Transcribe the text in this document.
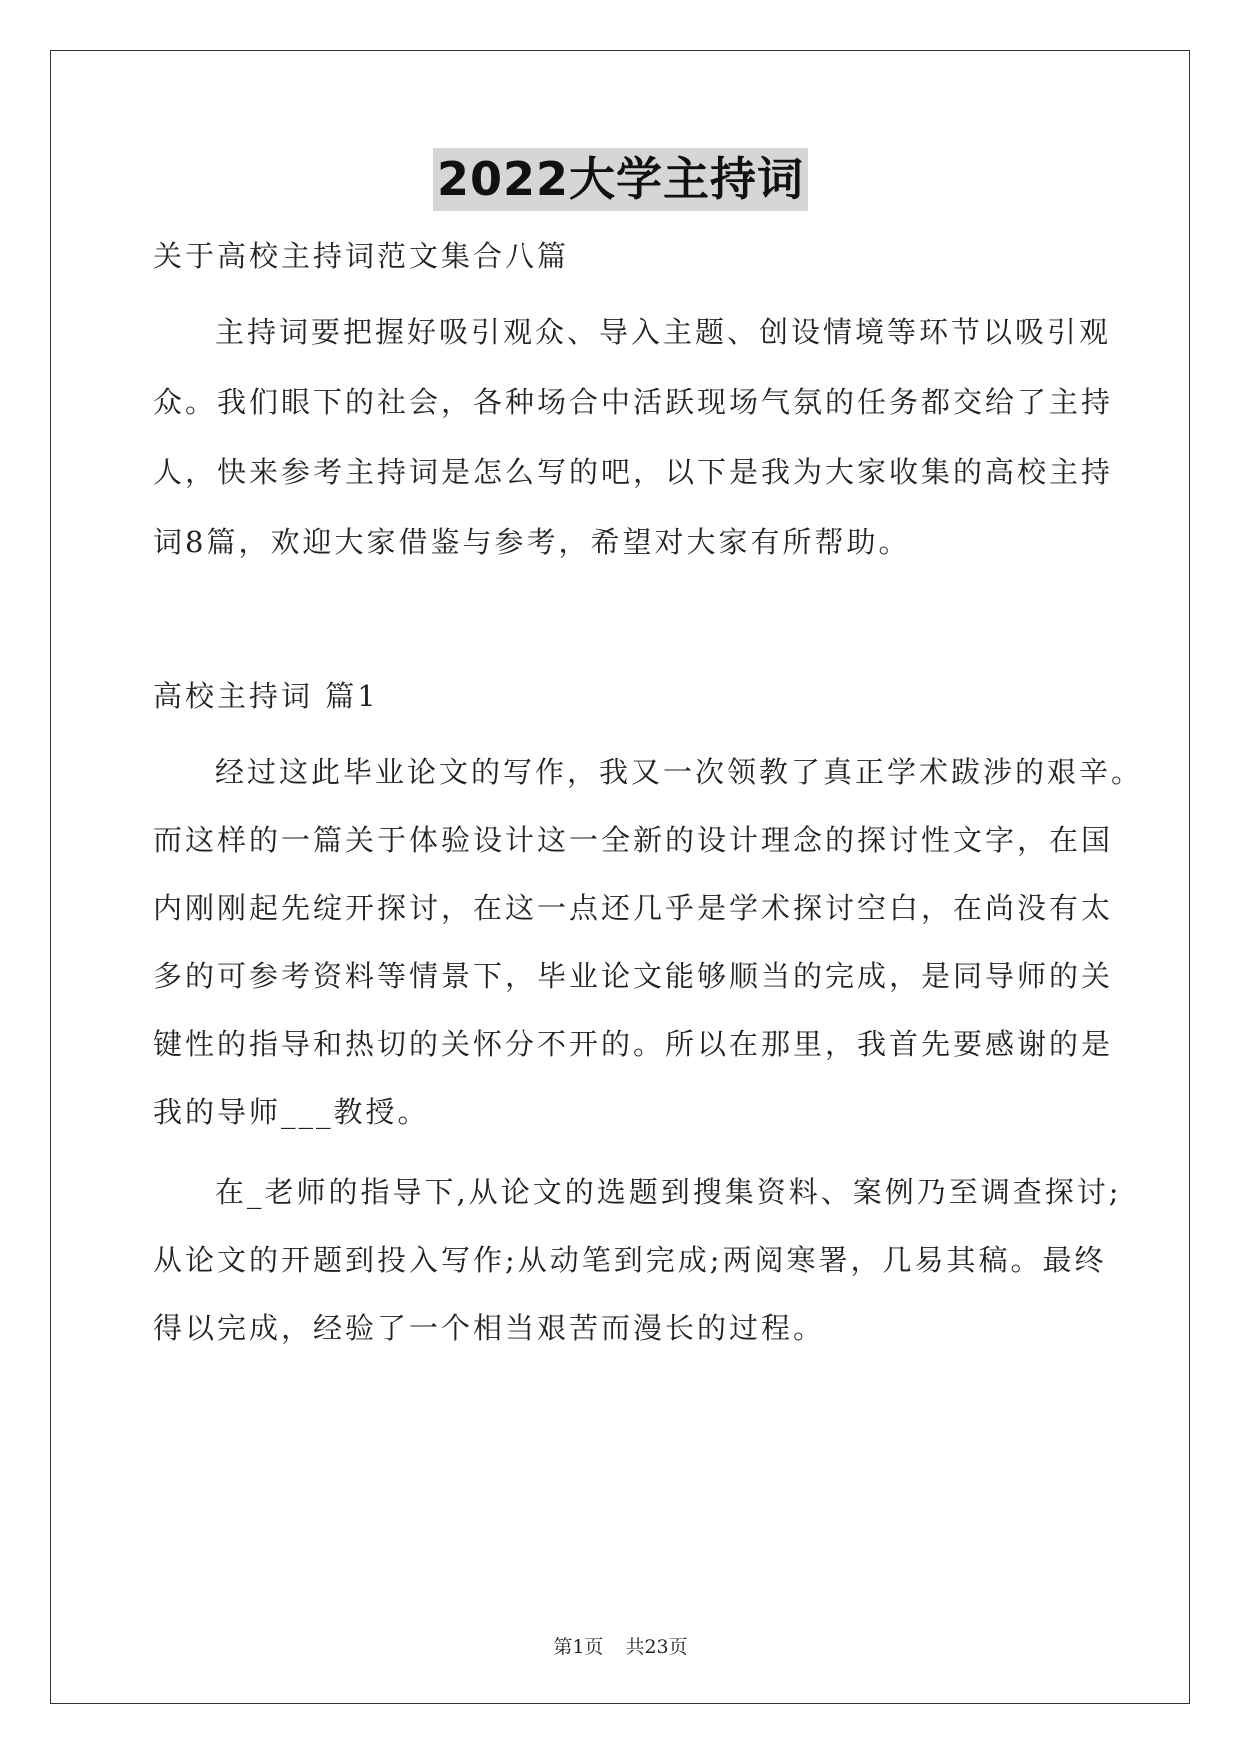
2022大学主持词
关于高校主持词范文集合八篇
主持词要把握好吸引观众、导入主题、创设情境等环节以吸引观
众。我们眼下的社会，各种场合中活跃现场气氛的任务都交给了主持
人，快来参考主持词是怎么写的吧，以下是我为大家收集的高校主持
词8篇，欢迎大家借鉴与参考，希望对大家有所帮助。
高校主持词 篇1
经过这此毕业论文的写作，我又一次领教了真正学术跋涉的艰辛。
而这样的一篇关于体验设计这一全新的设计理念的探讨性文字，在国
内刚刚起先绽开探讨，在这一点还几乎是学术探讨空白，在尚没有太
多的可参考资料等情景下，毕业论文能够顺当的完成，是同导师的关
键性的指导和热切的关怀分不开的。所以在那里，我首先要感谢的是
我的导师___教授。
在_老师的指导下,从论文的选题到搜集资料、案例乃至调查探讨;
从论文的开题到投入写作;从动笔到完成;两阅寒署，几易其稿。最终
得以完成，经验了一个相当艰苦而漫长的过程。
第1页 共23页
